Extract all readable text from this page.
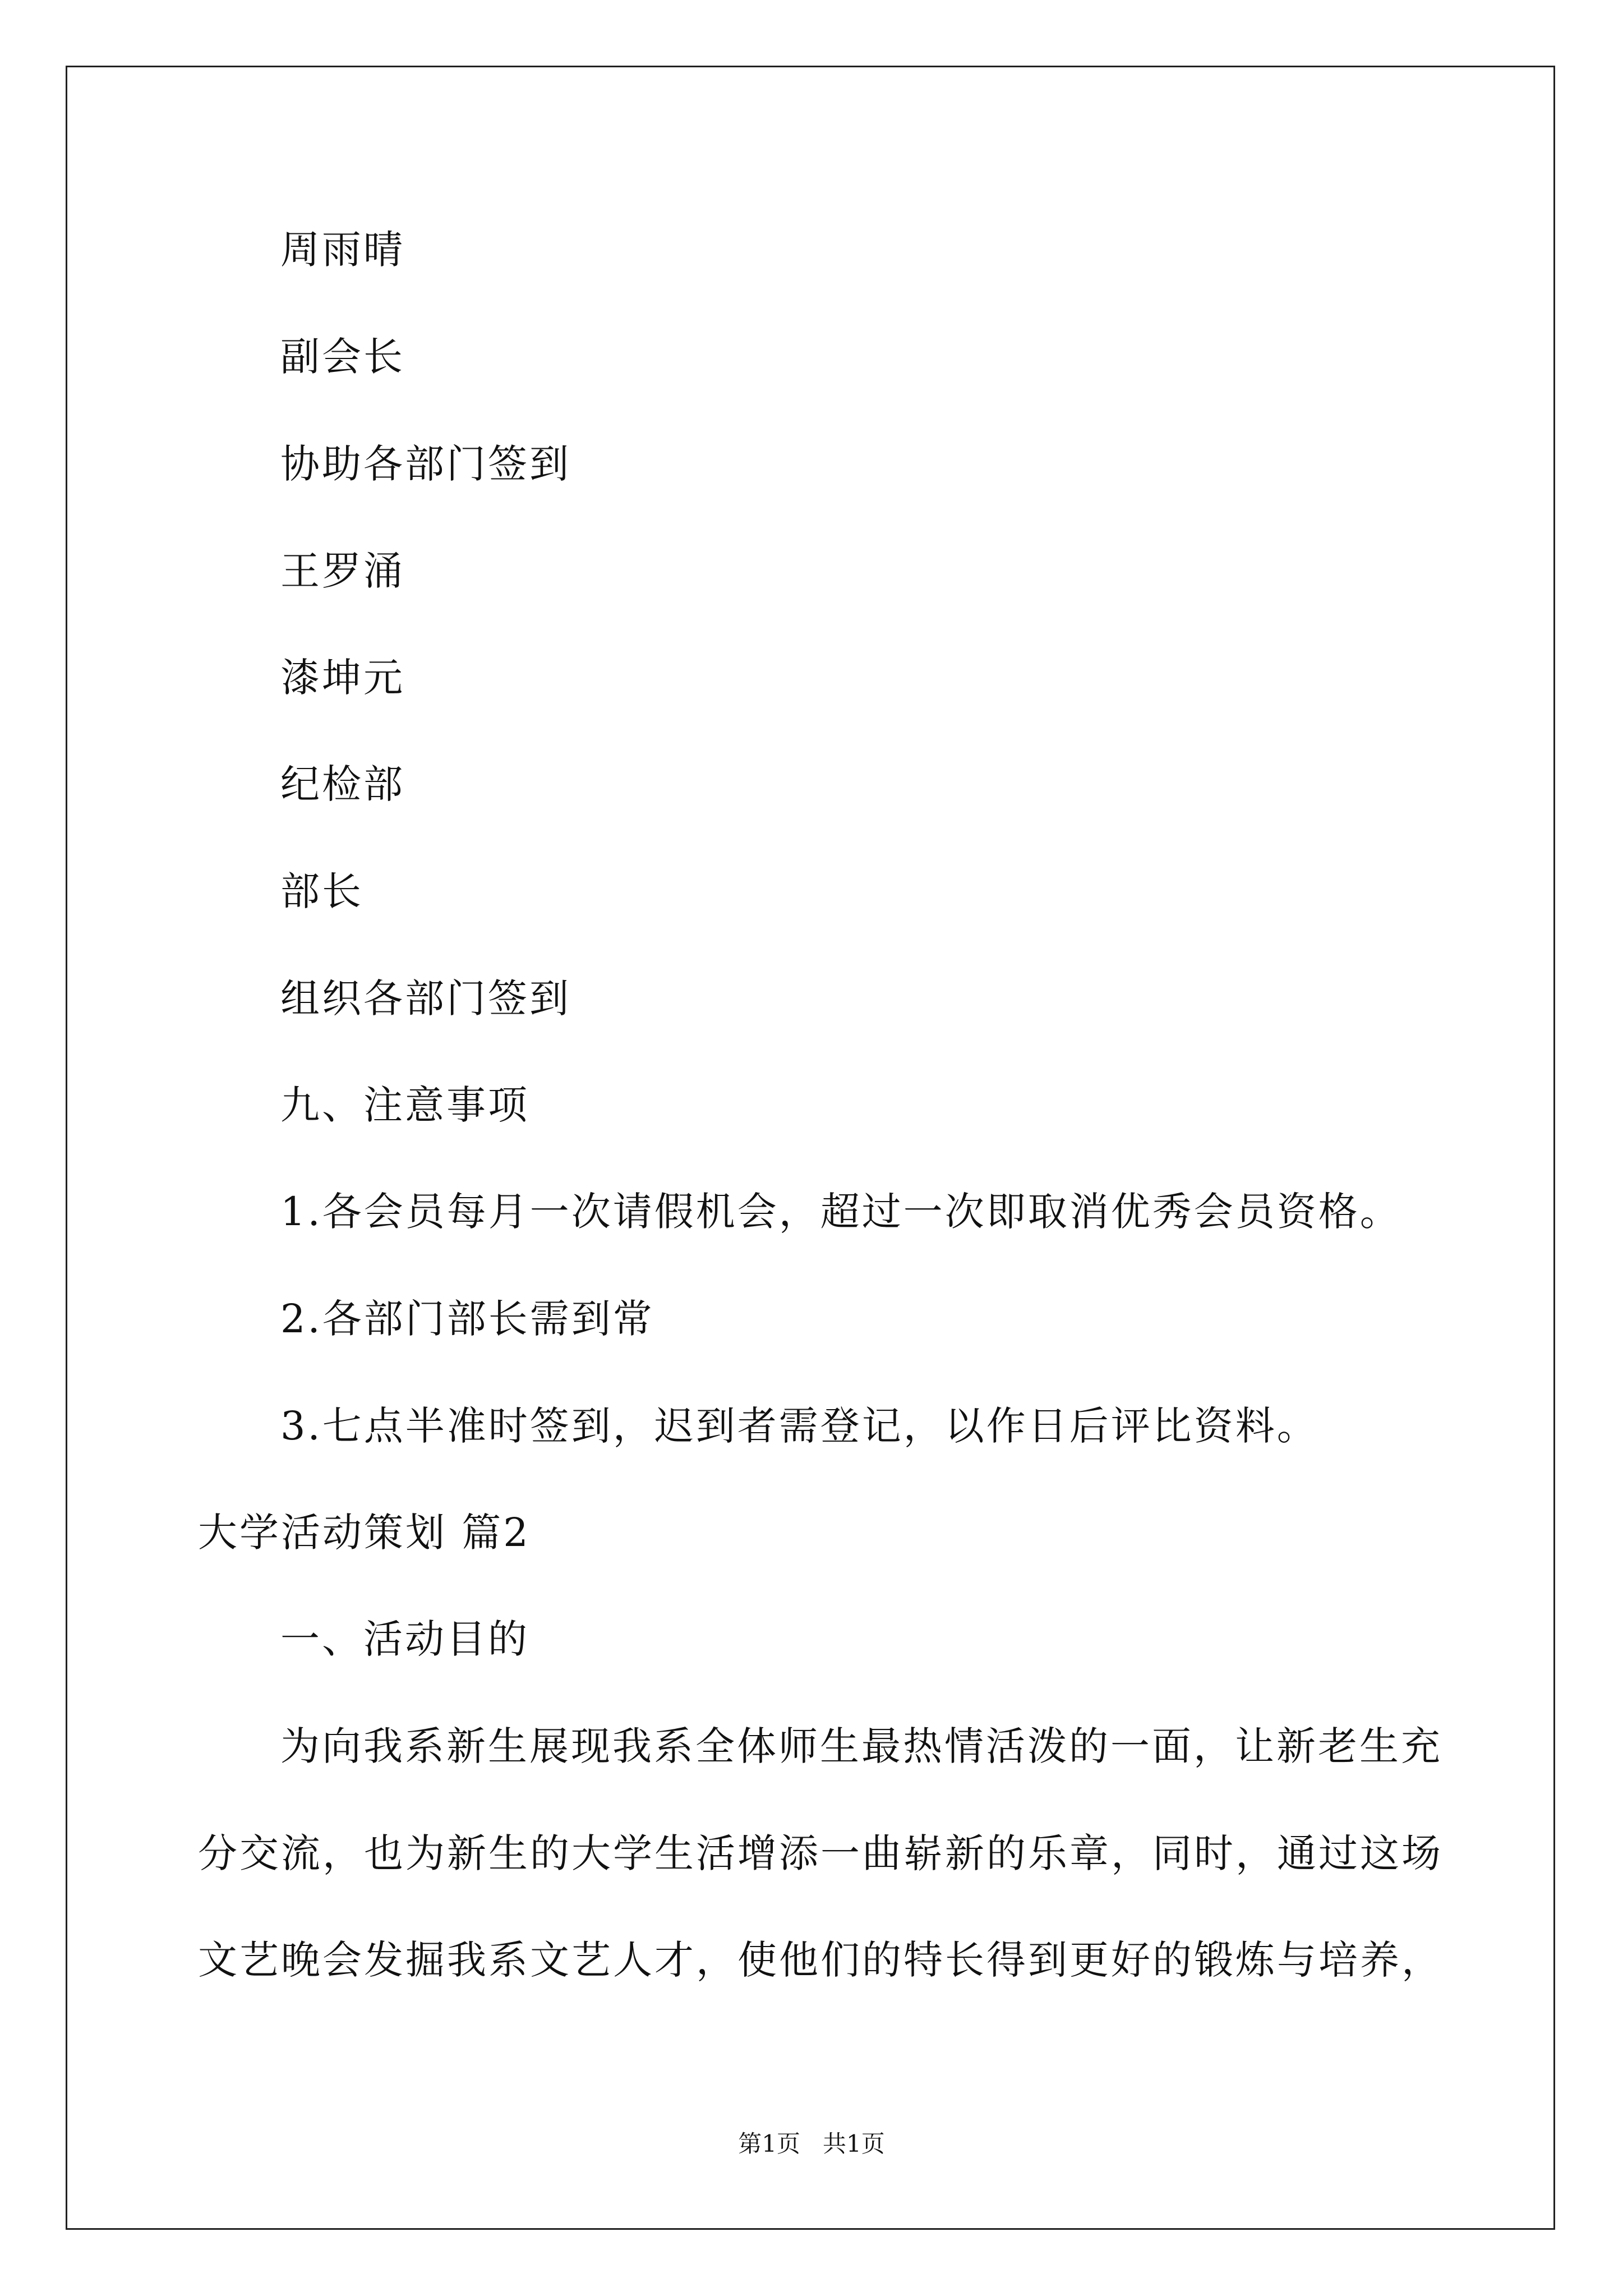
周雨晴
副会长
协助各部门签到
王罗涌
漆坤元
纪检部
部长
组织各部门签到
九、注意事项
1.各会员每月一次请假机会，超过一次即取消优秀会员资格。
2.各部门部长需到常
3.七点半准时签到，迟到者需登记，以作日后评比资料。
大学活动策划 篇2
一、活动目的
为向我系新生展现我系全体师生最热情活泼的一面，让新老生充
分交流，也为新生的大学生活增添一曲崭新的乐章，同时，通过这场
文艺晚会发掘我系文艺人才，使他们的特长得到更好的锻炼与培养，
第1页   共1页
